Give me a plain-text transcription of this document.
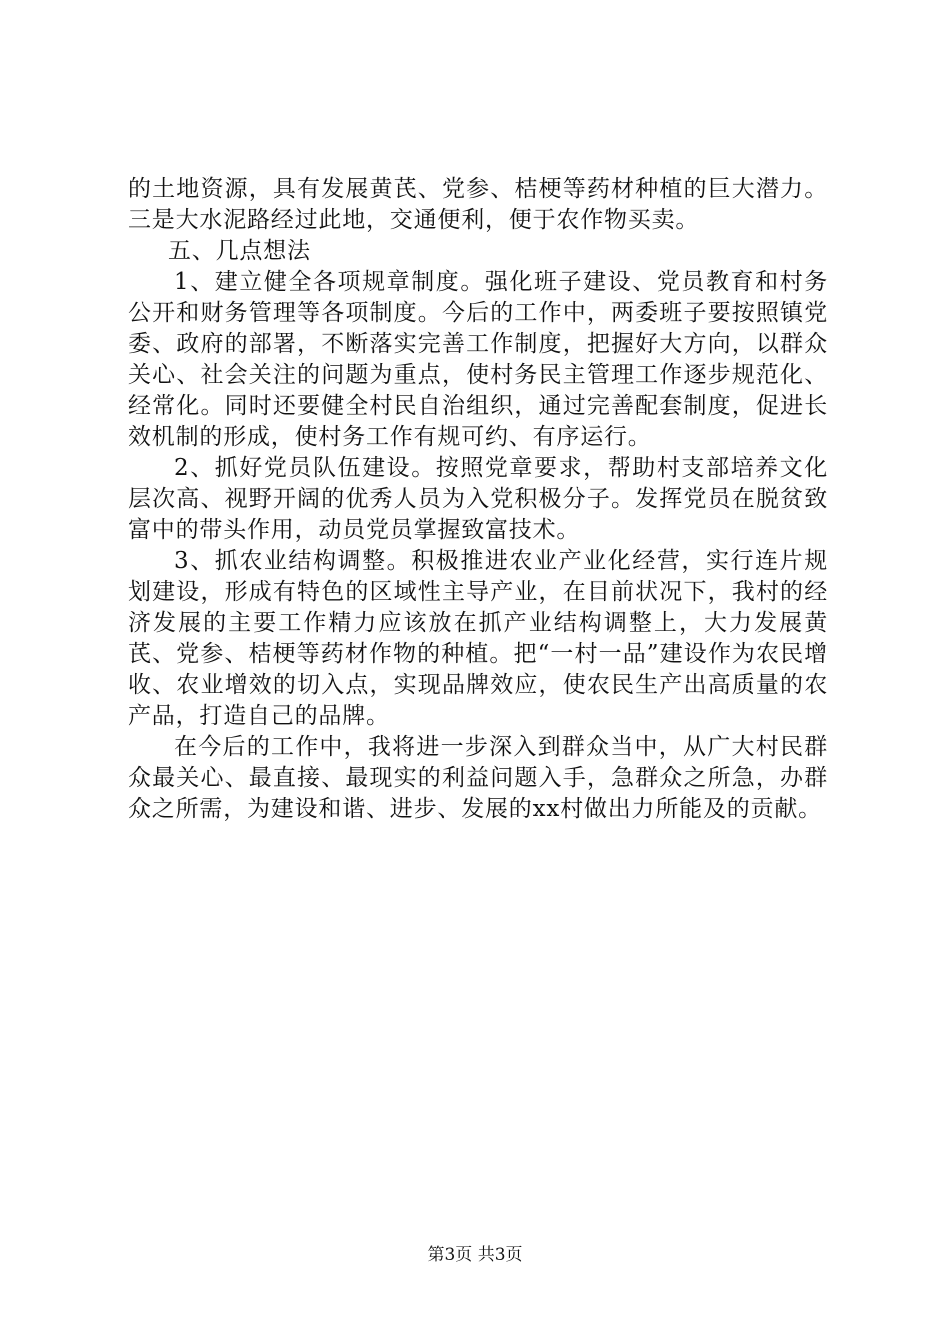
的土地资源，具有发展黄芪、党参、桔梗等药材种植的巨大潜力。三是大水泥路经过此地，交通便利，便于农作物买卖。

五、几点想法

1、建立健全各项规章制度。强化班子建设、党员教育和村务公开和财务管理等各项制度。今后的工作中，两委班子要按照镇党委、政府的部署，不断落实完善工作制度，把握好大方向，以群众关心、社会关注的问题为重点，使村务民主管理工作逐步规范化、经常化。同时还要健全村民自治组织，通过完善配套制度，促进长效机制的形成，使村务工作有规可约、有序运行。

2、抓好党员队伍建设。按照党章要求，帮助村支部培养文化层次高、视野开阔的优秀人员为入党积极分子。发挥党员在脱贫致富中的带头作用，动员党员掌握致富技术。

3、抓农业结构调整。积极推进农业产业化经营，实行连片规划建设，形成有特色的区域性主导产业，在目前状况下，我村的经济发展的主要工作精力应该放在抓产业结构调整上，大力发展黄芪、党参、桔梗等药材作物的种植。把“一村一品”建设作为农民增收、农业增效的切入点，实现品牌效应，使农民生产出高质量的农产品，打造自己的品牌。

在今后的工作中，我将进一步深入到群众当中，从广大村民群众最关心、最直接、最现实的利益问题入手，急群众之所急，办群众之所需，为建设和谐、进步、发展的xx村做出力所能及的贡献。

第3页 共3页
